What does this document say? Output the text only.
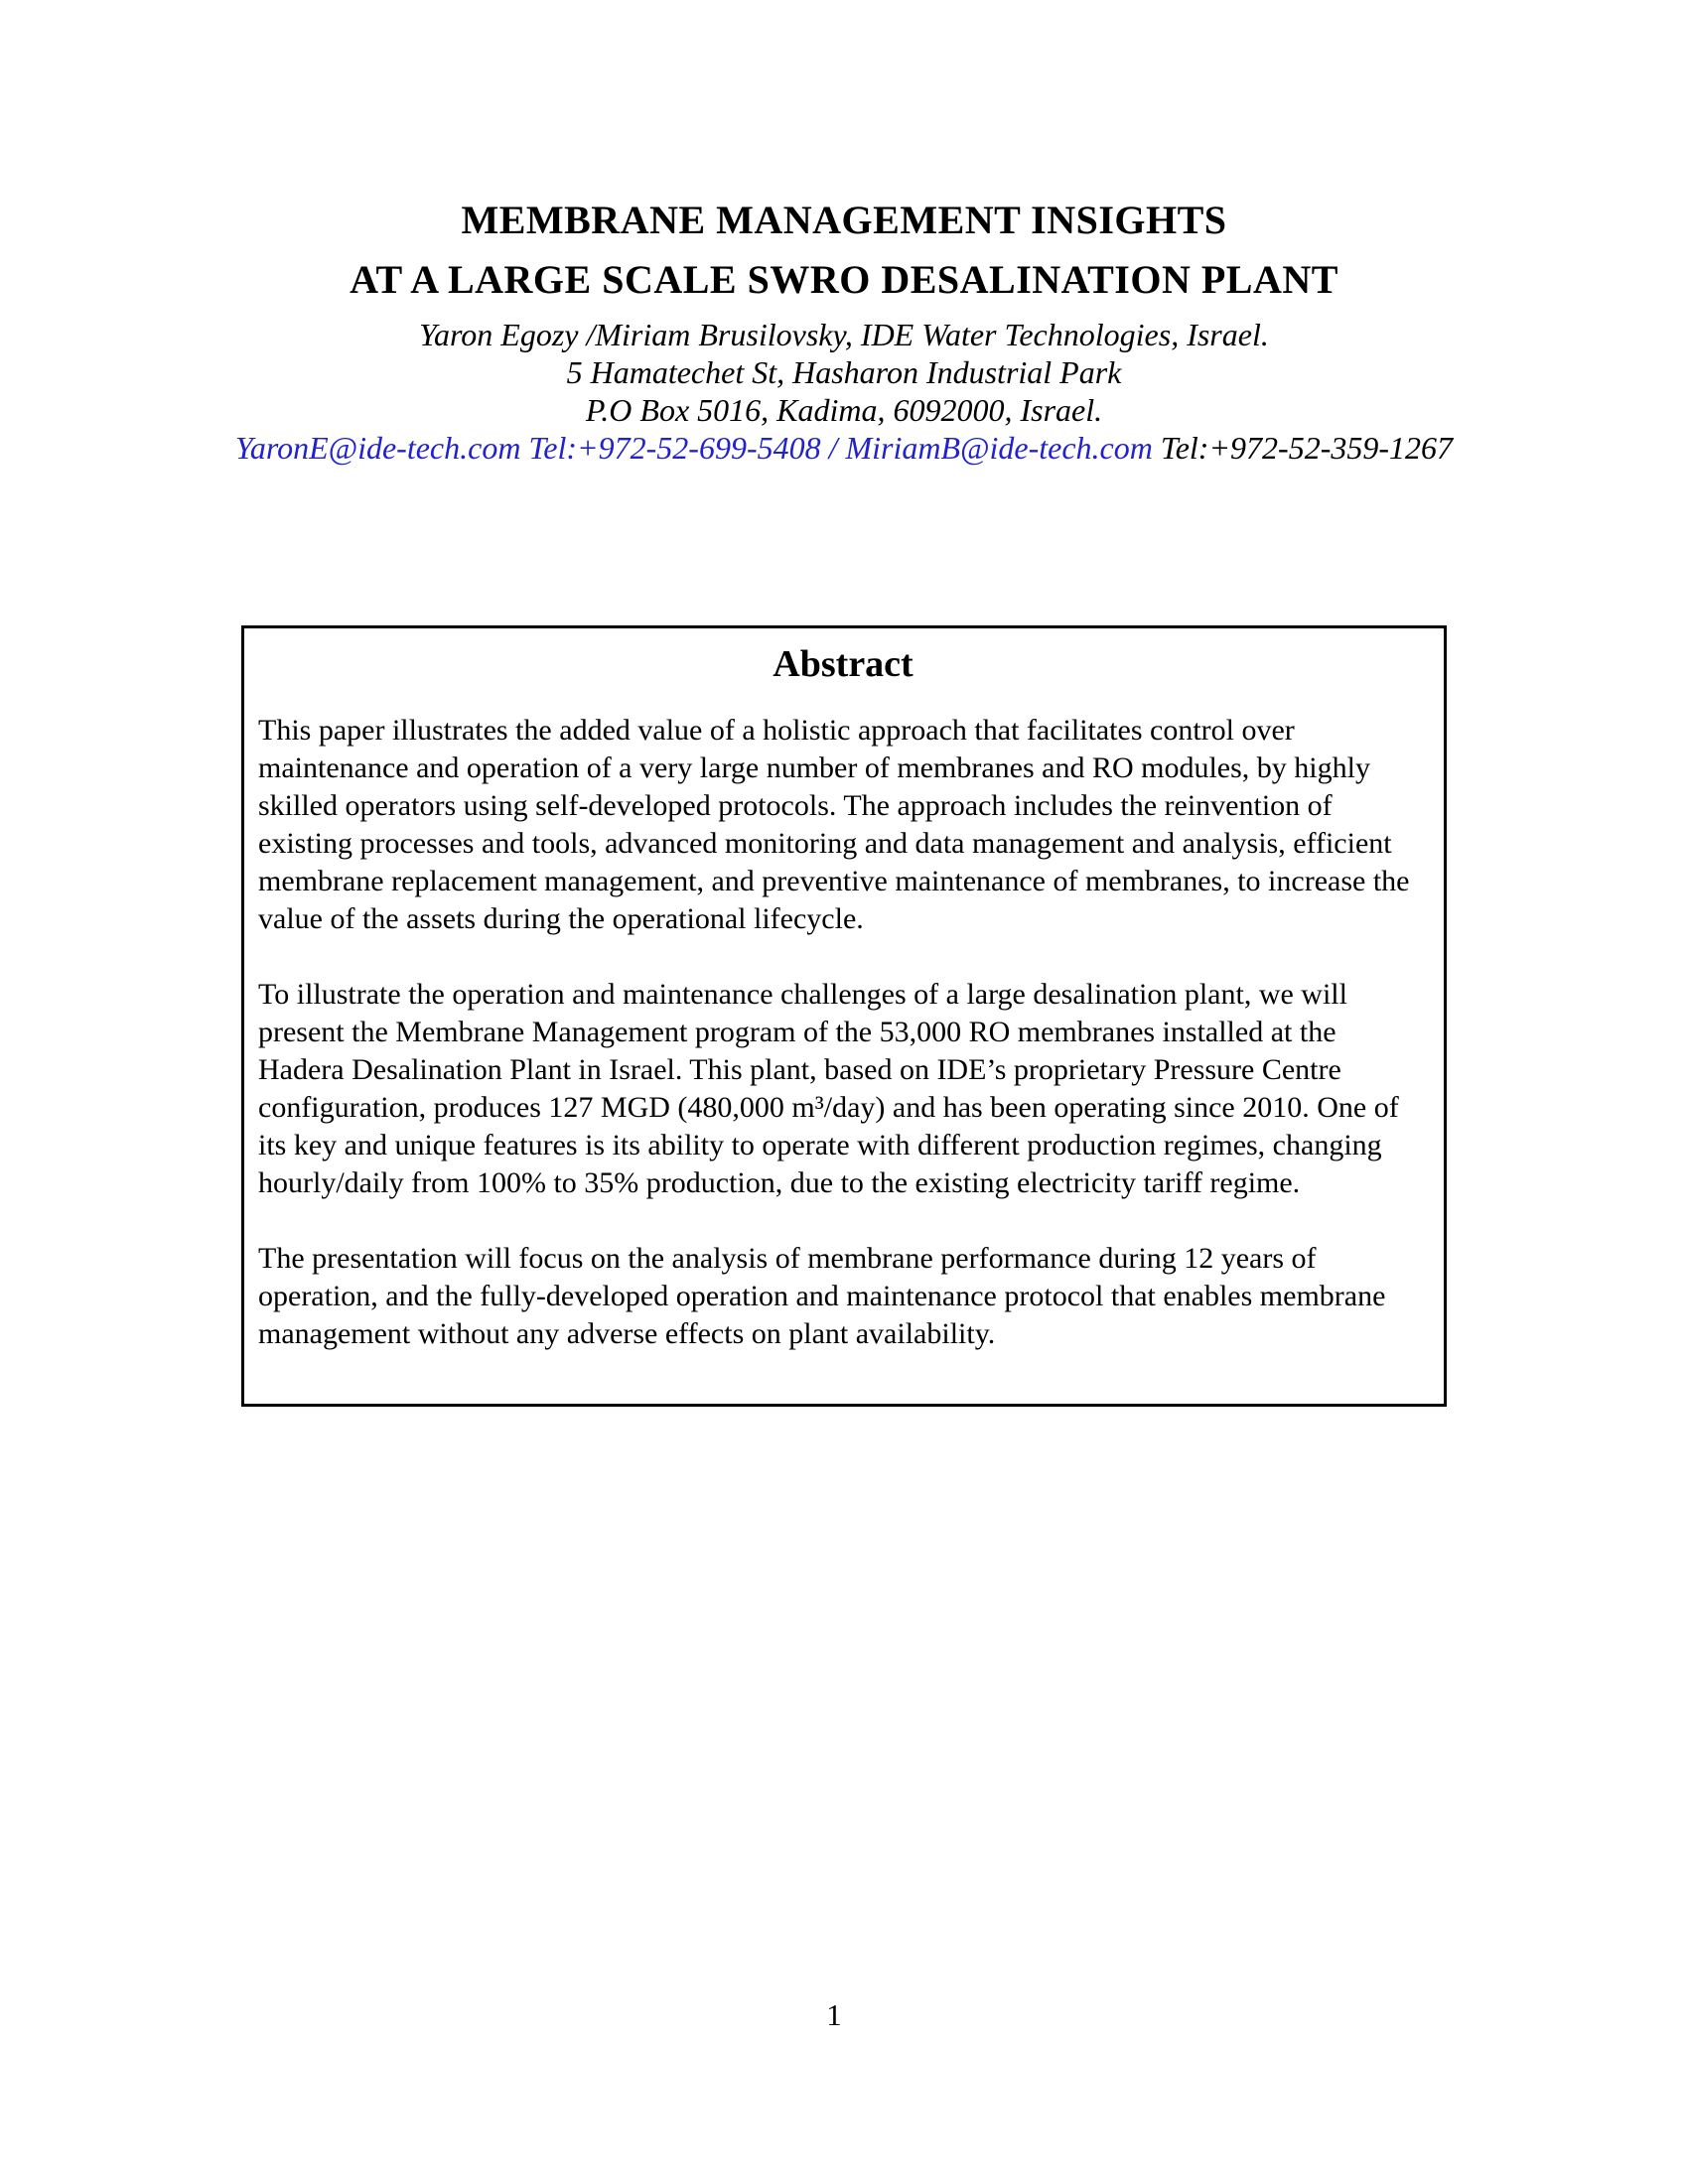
MEMBRANE MANAGEMENT INSIGHTS
AT A LARGE SCALE SWRO DESALINATION PLANT
Yaron Egozy /Miriam Brusilovsky, IDE Water Technologies, Israel.
5 Hamatechet St, Hasharon Industrial Park
P.O Box 5016, Kadima, 6092000, Israel.
YaronE@ide-tech.com Tel:+972-52-699-5408 / MiriamB@ide-tech.com Tel:+972-52-359-1267
Abstract

This paper illustrates the added value of a holistic approach that facilitates control over maintenance and operation of a very large number of membranes and RO modules, by highly skilled operators using self-developed protocols. The approach includes the reinvention of existing processes and tools, advanced monitoring and data management and analysis, efficient membrane replacement management, and preventive maintenance of membranes, to increase the value of the assets during the operational lifecycle.

To illustrate the operation and maintenance challenges of a large desalination plant, we will present the Membrane Management program of the 53,000 RO membranes installed at the Hadera Desalination Plant in Israel. This plant, based on IDE’s proprietary Pressure Centre configuration, produces 127 MGD (480,000 m³/day) and has been operating since 2010. One of its key and unique features is its ability to operate with different production regimes, changing hourly/daily from 100% to 35% production, due to the existing electricity tariff regime.

The presentation will focus on the analysis of membrane performance during 12 years of operation, and the fully-developed operation and maintenance protocol that enables membrane management without any adverse effects on plant availability.

1
